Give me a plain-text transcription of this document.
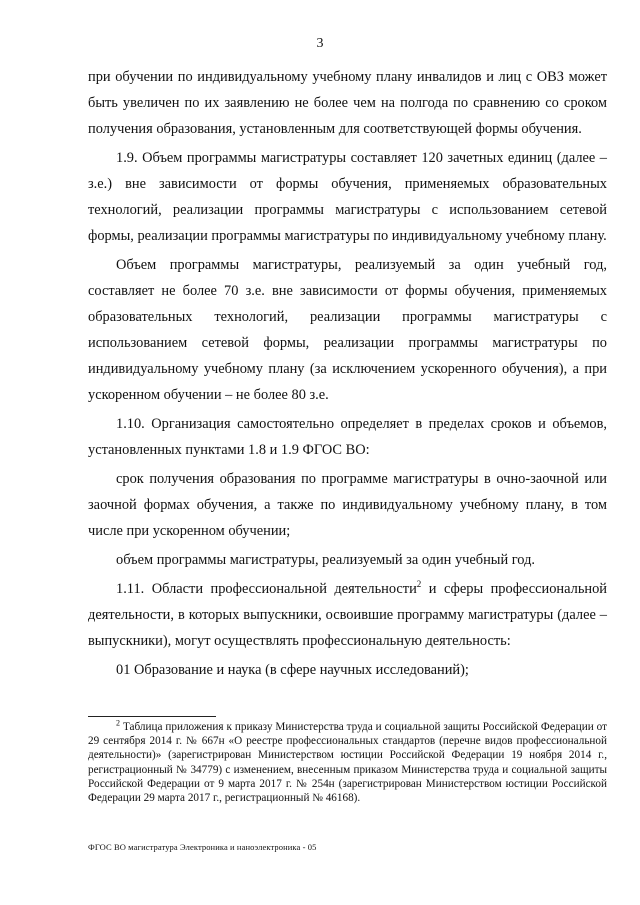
3

при обучении по индивидуальному учебному плану инвалидов и лиц с ОВЗ может быть увеличен по их заявлению не более чем на полгода по сравнению со сроком получения образования, установленным для соответствующей формы обучения.

1.9. Объем программы магистратуры составляет 120 зачетных единиц (далее – з.е.) вне зависимости от формы обучения, применяемых образовательных технологий, реализации программы магистратуры с использованием сетевой формы, реализации программы магистратуры по индивидуальному учебному плану.

Объем программы магистратуры, реализуемый за один учебный год, составляет не более 70 з.е. вне зависимости от формы обучения, применяемых образовательных технологий, реализации программы магистратуры с использованием сетевой формы, реализации программы магистратуры по индивидуальному учебному плану (за исключением ускоренного обучения), а при ускоренном обучении – не более 80 з.е.

1.10. Организация самостоятельно определяет в пределах сроков и объемов, установленных пунктами 1.8 и 1.9 ФГОС ВО:

срок получения образования по программе магистратуры в очно-заочной или заочной формах обучения, а также по индивидуальному учебному плану, в том числе при ускоренном обучении;

объем программы магистратуры, реализуемый за один учебный год.

1.11. Области профессиональной деятельности$^2$ и сферы профессиональной деятельности, в которых выпускники, освоившие программу магистратуры (далее – выпускники), могут осуществлять профессиональную деятельность:

01 Образование и наука (в сфере научных исследований);

$^2$ Таблица приложения к приказу Министерства труда и социальной защиты Российской Федерации от 29 сентября 2014 г. № 667н «О реестре профессиональных стандартов (перечне видов профессиональной деятельности)» (зарегистрирован Министерством юстиции Российской Федерации 19 ноября 2014 г., регистрационный № 34779) с изменением, внесенным приказом Министерства труда и социальной защиты Российской Федерации от 9 марта 2017 г. № 254н (зарегистрирован Министерством юстиции Российской Федерации 29 марта 2017 г., регистрационный № 46168).
ФГОС ВО магистратура Электроника и наноэлектроника - 05
